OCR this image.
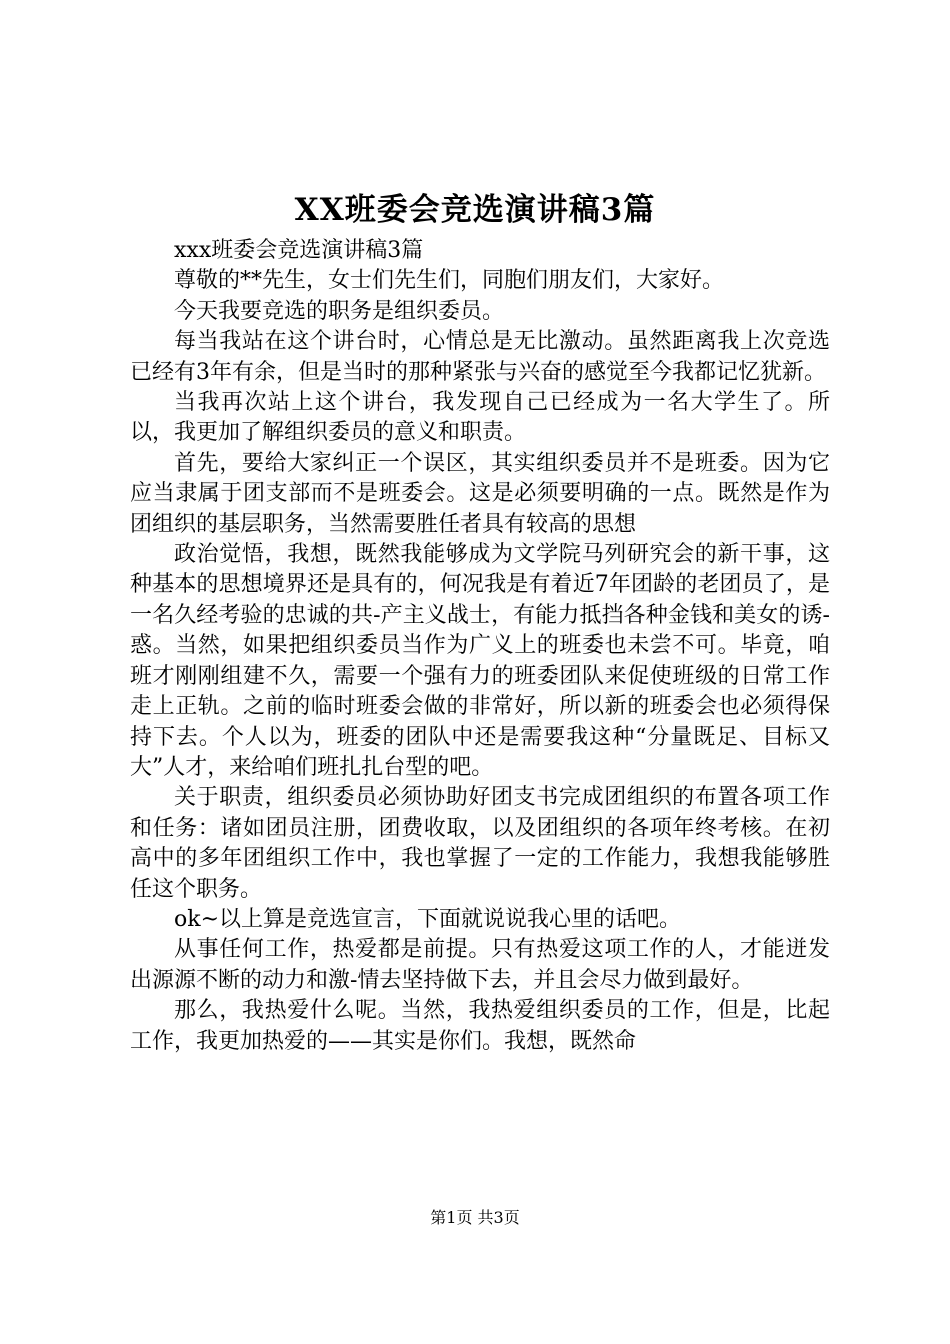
XX班委会竞选演讲稿3篇

xxx班委会竞选演讲稿3篇

尊敬的**先生，女士们先生们，同胞们朋友们，大家好。

今天我要竞选的职务是组织委员。

每当我站在这个讲台时，心情总是无比激动。虽然距离我上次竞选已经有3年有余，但是当时的那种紧张与兴奋的感觉至今我都记忆犹新。

当我再次站上这个讲台，我发现自己已经成为一名大学生了。所以，我更加了解组织委员的意义和职责。

首先，要给大家纠正一个误区，其实组织委员并不是班委。因为它应当隶属于团支部而不是班委会。这是必须要明确的一点。既然是作为团组织的基层职务，当然需要胜任者具有较高的思想

政治觉悟，我想，既然我能够成为文学院马列研究会的新干事，这种基本的思想境界还是具有的，何况我是有着近7年团龄的老团员了，是一名久经考验的忠诚的共-产主义战士，有能力抵挡各种金钱和美女的诱-惑。当然，如果把组织委员当作为广义上的班委也未尝不可。毕竟，咱班才刚刚组建不久，需要一个强有力的班委团队来促使班级的日常工作走上正轨。之前的临时班委会做的非常好，所以新的班委会也必须得保持下去。个人以为，班委的团队中还是需要我这种“分量既足、目标又大”人才，来给咱们班扎扎台型的吧。

关于职责，组织委员必须协助好团支书完成团组织的布置各项工作和任务：诸如团员注册，团费收取，以及团组织的各项年终考核。在初高中的多年团组织工作中，我也掌握了一定的工作能力，我想我能够胜任这个职务。

ok~以上算是竞选宣言，下面就说说我心里的话吧。

从事任何工作，热爱都是前提。只有热爱这项工作的人，才能迸发出源源不断的动力和激-情去坚持做下去，并且会尽力做到最好。

那么，我热爱什么呢。当然，我热爱组织委员的工作，但是，比起工作，我更加热爱的——其实是你们。我想，既然命

第1页 共3页
